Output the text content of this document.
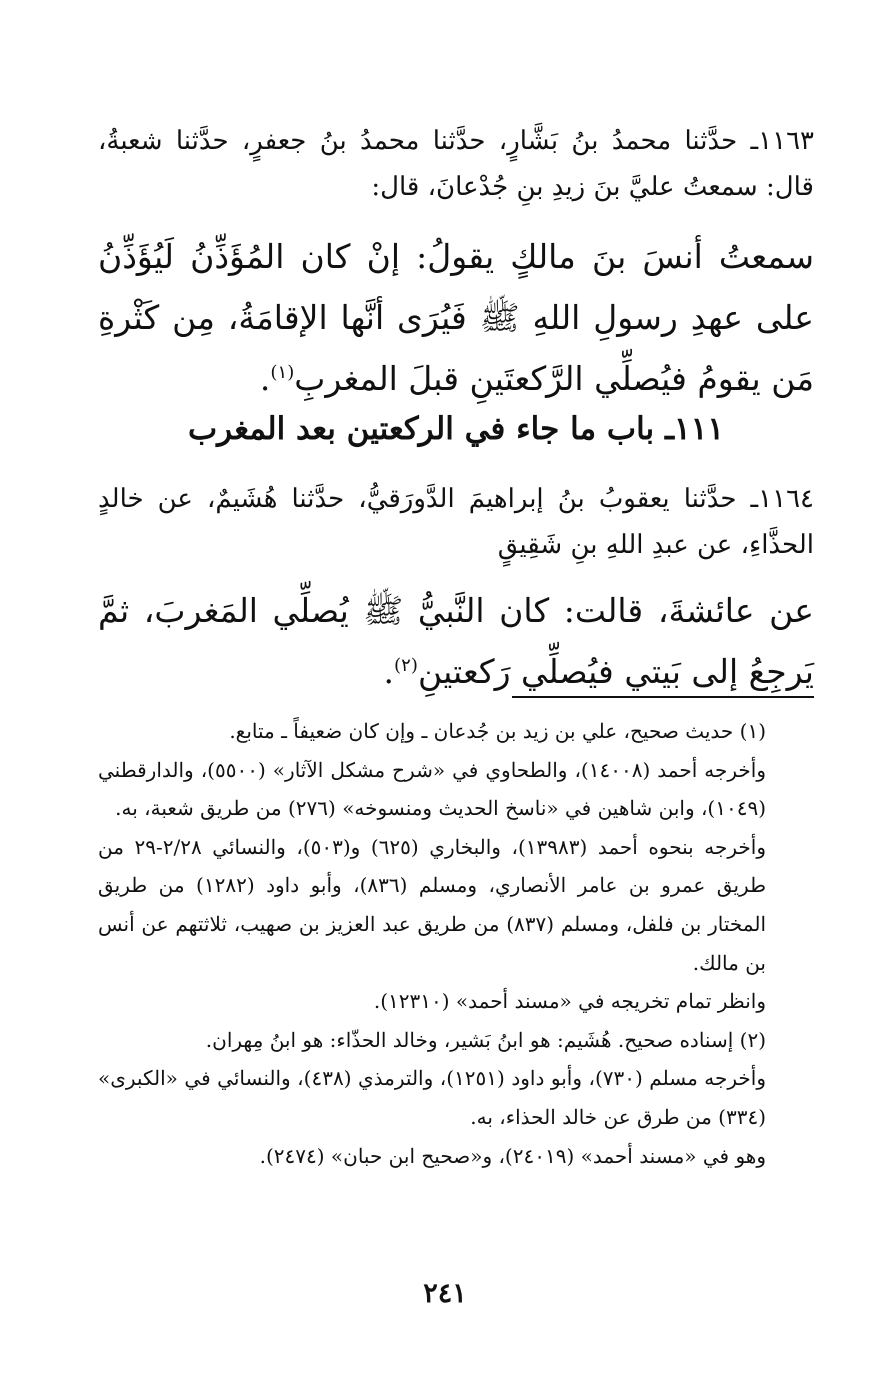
١١٦٣ـ حدَّثنا محمدُ بنُ بَشَّارٍ، حدَّثنا محمدُ بنُ جعفرٍ، حدَّثنا شعبةُ، قال: سمعتُ عليَّ بنَ زيدِ بنِ جُدْعانَ، قال:

سمعتُ أنسَ بنَ مالكٍ يقولُ: إنْ كان المُؤَذِّنُ لَيُؤَذِّنُ على عهدِ رسولِ اللهِ ﷺ فَيُرَى أنَّها الإقامَةُ، مِن كَثْرةِ مَن يقومُ فيُصلِّي الرَّكعتَينِ قبلَ المغربِ$^{(١)}$.

١١١ـ باب ما جاء في الركعتين بعد المغرب

١١٦٤ـ حدَّثنا يعقوبُ بنُ إبراهيمَ الدَّورَقيُّ، حدَّثنا هُشَيمٌ، عن خالدٍ الحذَّاءِ، عن عبدِ اللهِ بنِ شَقِيقٍ

عن عائشةَ، قالت: كان النَّبيُّ ﷺ يُصلِّي المَغربَ، ثمَّ يَرجِعُ إلى بَيتي فيُصلِّي رَكعتينِ$^{(٢)}$.

(١) حديث صحيح، علي بن زيد بن جُدعان ـ وإن كان ضعيفاً ـ متابع.

وأخرجه أحمد (١٤٠٠٨)، والطحاوي في «شرح مشكل الآثار» (٥٥٠٠)، والدارقطني (١٠٤٩)، وابن شاهين في «ناسخ الحديث ومنسوخه» (٢٧٦) من طريق شعبة، به.

وأخرجه بنحوه أحمد (١٣٩٨٣)، والبخاري (٦٢٥) و(٥٠٣)، والنسائي ٢/٢٨-٢٩ من طريق عمرو بن عامر الأنصاري، ومسلم (٨٣٦)، وأبو داود (١٢٨٢) من طريق المختار بن فلفل، ومسلم (٨٣٧) من طريق عبد العزيز بن صهيب، ثلاثتهم عن أنس بن مالك.

وانظر تمام تخريجه في «مسند أحمد» (١٢٣١٠).

(٢) إسناده صحيح. هُشَيم: هو ابنُ بَشير، وخالد الحذّاء: هو ابنُ مِهران.

وأخرجه مسلم (٧٣٠)، وأبو داود (١٢٥١)، والترمذي (٤٣٨)، والنسائي في «الكبرى» (٣٣٤) من طرق عن خالد الحذاء، به.

وهو في «مسند أحمد» (٢٤٠١٩)، و«صحيح ابن حبان» (٢٤٧٤).

٢٤١
